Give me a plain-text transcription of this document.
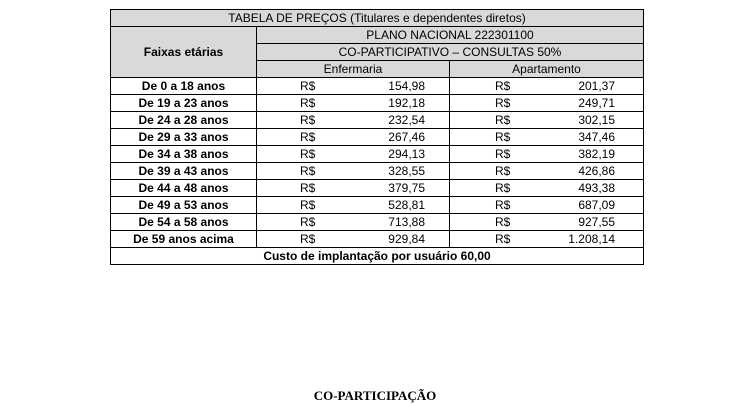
TABELA DE PREÇOS (Titulares e dependentes diretos)		
Faixas etárias	PLANO NACIONAL 222301100	
	CO-PARTICIPATIVO – CONSULTAS 50%	
	Enfermaria	Apartamento
De 0 a 18 anos	R$ 154,98	R$ 201,37

De 19 a 23 anos	R$ 192,18	R$ 249,71

De 24 a 28 anos	R$ 232,54	R$ 302,15

De 29 a 33 anos	R$ 267,46	R$ 347,46

De 34 a 38 anos	R$ 294,13	R$ 382,19

De 39 a 43 anos	R$ 328,55	R$ 426,86

De 44 a 48 anos	R$ 379,75	R$ 493,38

De 49 a 53 anos	R$ 528,81	R$ 687,09

De 54 a 58 anos	R$ 713,88	R$ 927,55

De 59 anos acima	R$ 929,84	R$ 1.208,14

Custo de implantação por usuário 60,00		
CO-PARTICIPAÇÃO
